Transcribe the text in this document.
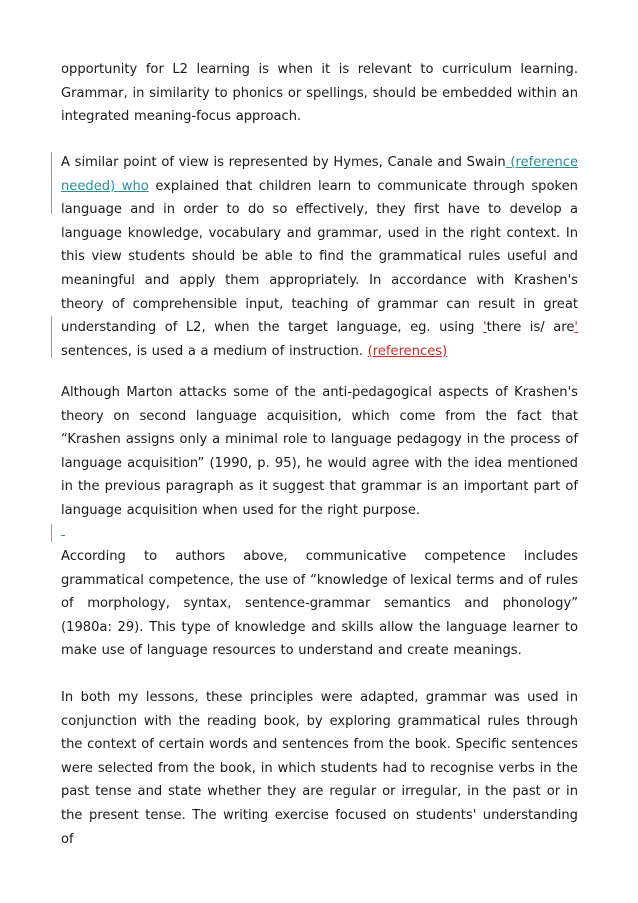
opportunity for L2 learning is when it is relevant to curriculum learning. Grammar, in similarity to phonics or spellings, should be embedded within an integrated meaning-focus approach.

A similar point of view is represented by Hymes, Canale and Swain (reference needed) who explained that children learn to communicate through spoken language and in order to do so effectively, they first have to develop a language knowledge, vocabulary and grammar, used in the right context. In this view students should be able to find the grammatical rules useful and meaningful and apply them appropriately. In accordance with Krashen's theory of comprehensible input, teaching of grammar can result in great understanding of L2, when the target language, eg. using 'there is/ are' sentences, is used a a medium of instruction. (references)

Although Marton attacks some of the anti-pedagogical aspects of Krashen's theory on second language acquisition, which come from the fact that “Krashen assigns only a minimal role to language pedagogy in the process of language acquisition” (1990, p. 95), he would agree with the idea mentioned in the previous paragraph as it suggest that grammar is an important part of language acquisition when used for the right purpose.

According to authors above, communicative competence includes grammatical competence, the use of “knowledge of lexical terms and of rules of morphology, syntax, sentence-grammar semantics and phonology” (1980a: 29). This type of knowledge and skills allow the language learner to make use of language resources to understand and create meanings.

In both my lessons, these principles were adapted, grammar was used in conjunction with the reading book, by exploring grammatical rules through the context of certain words and sentences from the book. Specific sentences were selected from the book, in which students had to recognise verbs in the past tense and state whether they are regular or irregular, in the past or in the present tense. The writing exercise focused on students' understanding of
